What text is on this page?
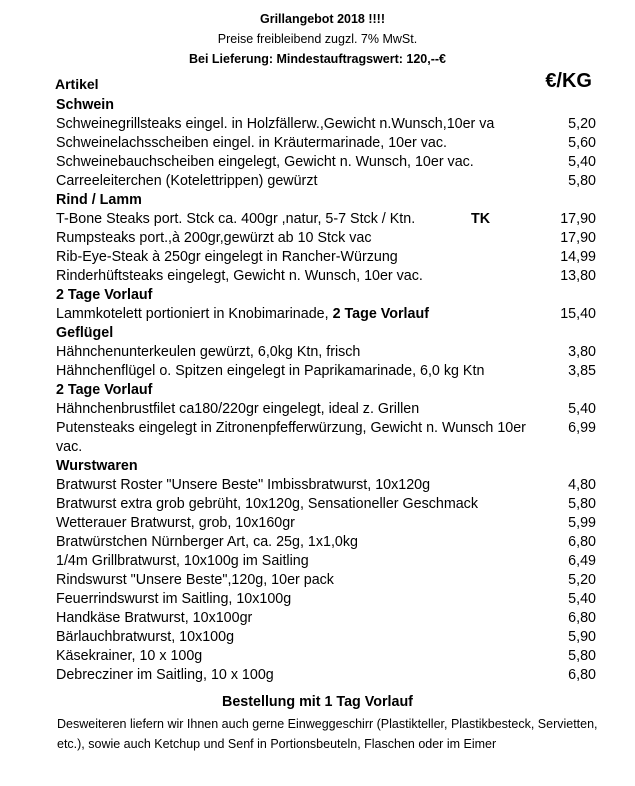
Grillangebot 2018 !!!!
Preise freibleibend zugzl. 7% MwSt.
Bei Lieferung: Mindestauftragswert: 120,--€
Artikel	€/KG
Schwein
Schweinegrillsteaks eingel. in Holzfällerw.,Gewicht n.Wunsch,10er va	5,20
Schweinelachsscheiben eingel. in Kräutermarinade, 10er vac.	5,60
Schweinebauchscheiben eingelegt, Gewicht n. Wunsch, 10er vac.	5,40
Carreeleiterchen (Kotelettrippen) gewürzt	5,80
Rind / Lamm
T-Bone Steaks port. Stck ca. 400gr ,natur, 5-7 Stck / Ktn.	TK	17,90
Rumpsteaks port.,à 200gr,gewürzt ab 10 Stck vac	17,90
Rib-Eye-Steak à 250gr eingelegt in Rancher-Würzung	14,99
Rinderhüftsteaks eingelegt, Gewicht n. Wunsch, 10er vac.	13,80
2 Tage Vorlauf
Lammkotelett portioniert in Knobimarinade, 2 Tage Vorlauf	15,40
Geflügel
Hähnchenunterkeulen gewürzt, 6,0kg Ktn, frisch	3,80
Hähnchenflügel o. Spitzen eingelegt in Paprikamarinade, 6,0 kg Ktn	3,85
2 Tage Vorlauf
Hähnchenbrustfilet ca180/220gr eingelegt, ideal z. Grillen	5,40
Putensteaks eingelegt in Zitronenpfefferwürzung, Gewicht n. Wunsch 10er vac.
6,99
Wurstwaren
Bratwurst Roster "Unsere Beste" Imbissbratwurst, 10x120g	4,80
Bratwurst extra grob gebrüht, 10x120g, Sensationeller Geschmack	5,80
Wetterauer Bratwurst, grob, 10x160gr	5,99
Bratwürstchen Nürnberger Art, ca. 25g, 1x1,0kg	6,80
1/4m Grillbratwurst, 10x100g im Saitling	6,49
Rindswurst "Unsere Beste",120g, 10er pack	5,20
Feuerrindswurst im Saitling, 10x100g	5,40
Handkäse Bratwurst, 10x100gr	6,80
Bärlauchbratwurst, 10x100g	5,90
Käsekrainer, 10 x 100g	5,80
Debrecziner im Saitling, 10 x 100g	6,80
Bestellung mit 1 Tag Vorlauf
Desweiteren liefern wir Ihnen auch gerne Einweggeschirr (Plastikteller, Plastikbesteck, Servietten, etc.), sowie auch Ketchup und Senf in Portionsbeuteln, Flaschen oder im Eimer
